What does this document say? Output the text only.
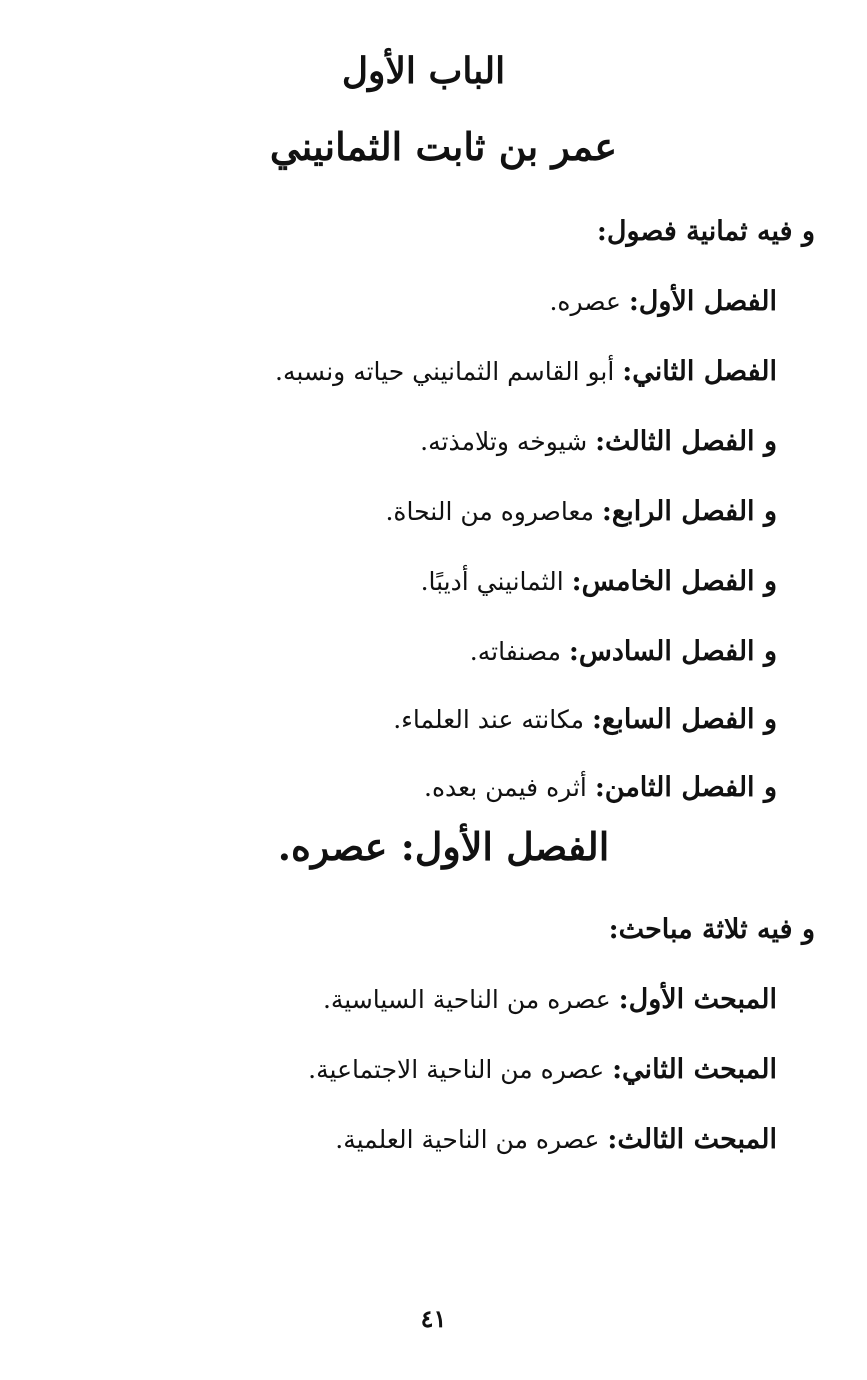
الباب الأول
عمر بن ثابت الثمانيني
و فيه ثمانية فصول:
الفصل الأول: عصره.
الفصل الثاني: أبو القاسم الثمانيني حياته ونسبه.
و الفصل الثالث: شيوخه وتلامذته.
و الفصل الرابع: معاصروه من النحاة.
و الفصل الخامس: الثمانيني أديبًا.
و الفصل السادس: مصنفاته.
و الفصل السابع: مكانته عند العلماء.
و الفصل الثامن: أثره فيمن بعده.
الفصل الأول: عصره.
و فيه ثلاثة مباحث:
المبحث الأول: عصره من الناحية السياسية.
المبحث الثاني: عصره من الناحية الاجتماعية.
المبحث الثالث: عصره من الناحية العلمية.
٤١
